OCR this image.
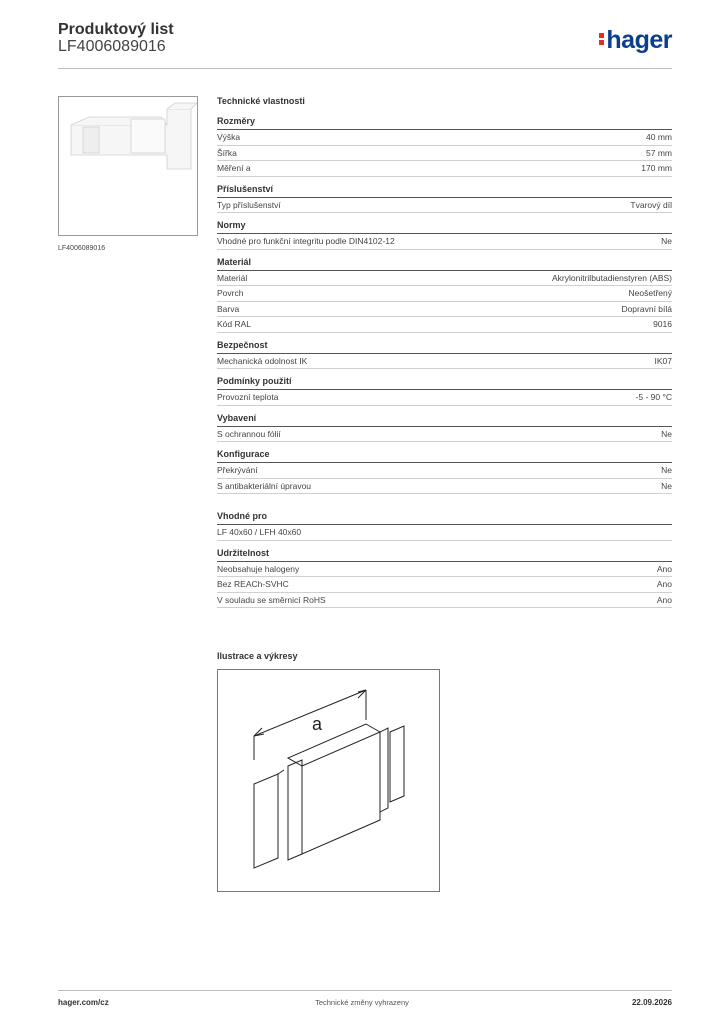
Produktový list
LF4006089016	hager
LF4006089016
Technické vlastnosti
Rozměry
Výška	40 mm
Šířka	57 mm
Měření a	170 mm
Příslušenství
Typ příslušenství	Tvarový díl
Normy
Vhodné pro funkční integritu podle DIN4102-12	Ne
Materiál
Materiál	Akrylonitrilbutadienstyren (ABS)
Povrch	Neošetřený
Barva	Dopravní bílá
Kód RAL	9016
Bezpečnost
Mechanická odolnost IK	IK07
Podmínky použití
Provozní teplota	-5 - 90 °C
Vybavení
S ochrannou fólií	Ne
Konfigurace
Překrývání	Ne
S antibakteriální úpravou	Ne
Vhodné pro
LF 40x60 / LFH 40x60
Udržitelnost
Neobsahuje halogeny	Ano
Bez REACh-SVHC	Ano
V souladu se směrnicí RoHS	Ano
Ilustrace a výkresy
a
hager.com/cz	Technické změny vyhrazeny	22.09.2026
